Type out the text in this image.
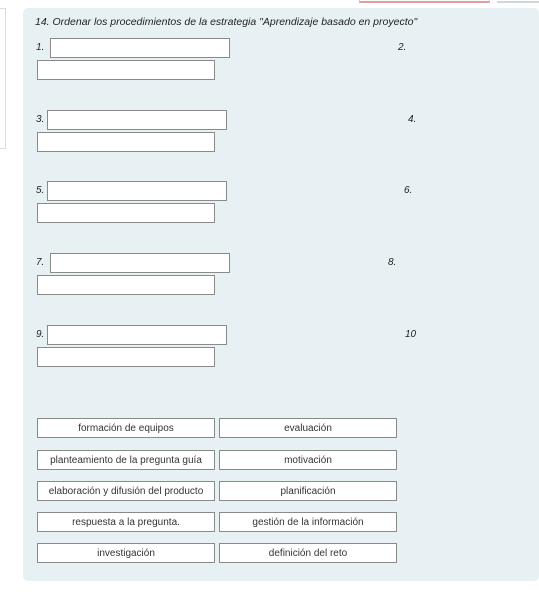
14. Ordenar los procedimientos de la estrategia "Aprendizaje basado en proyecto"
1.	2.
3.	4.
5.	6.
7.	8.
9.	10
formación de equipos	evaluación
planteamiento de la pregunta guía	motivación
elaboración y difusión del producto	planificación
respuesta a la pregunta.	gestión de la información
investigación	definición del reto
